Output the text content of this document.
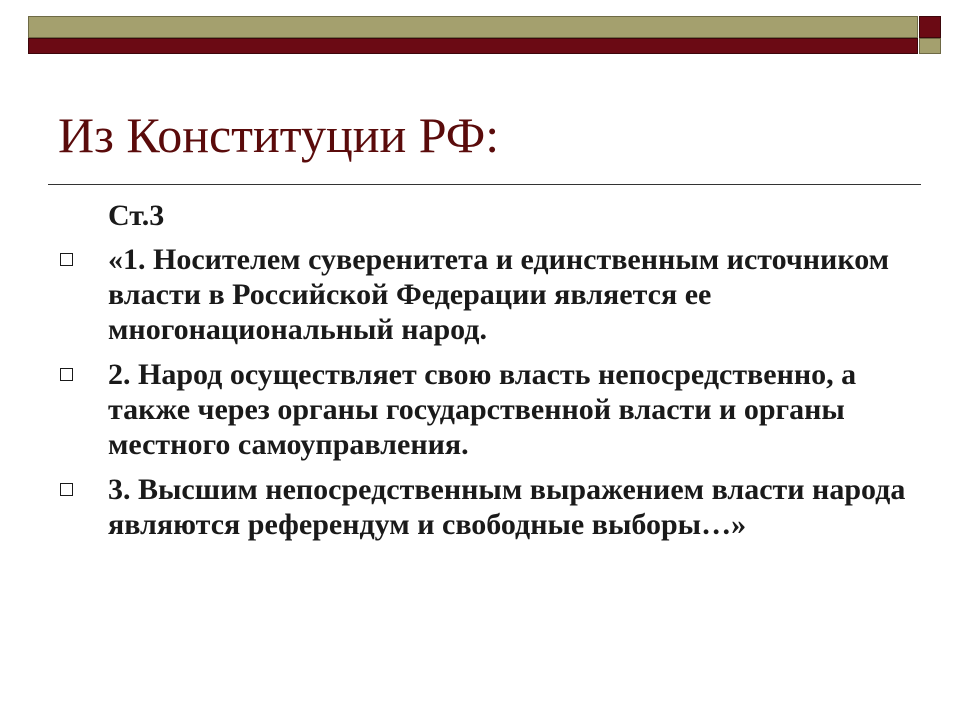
Из Конституции РФ:
Ст.3
«1. Носителем суверенитета и единственным источником власти в Российской Федерации является ее многонациональный народ.
2. Народ осуществляет свою власть непосредственно, а также через органы государственной власти и органы местного самоуправления.
3. Высшим непосредственным выражением власти народа являются референдум и свободные выборы…»
